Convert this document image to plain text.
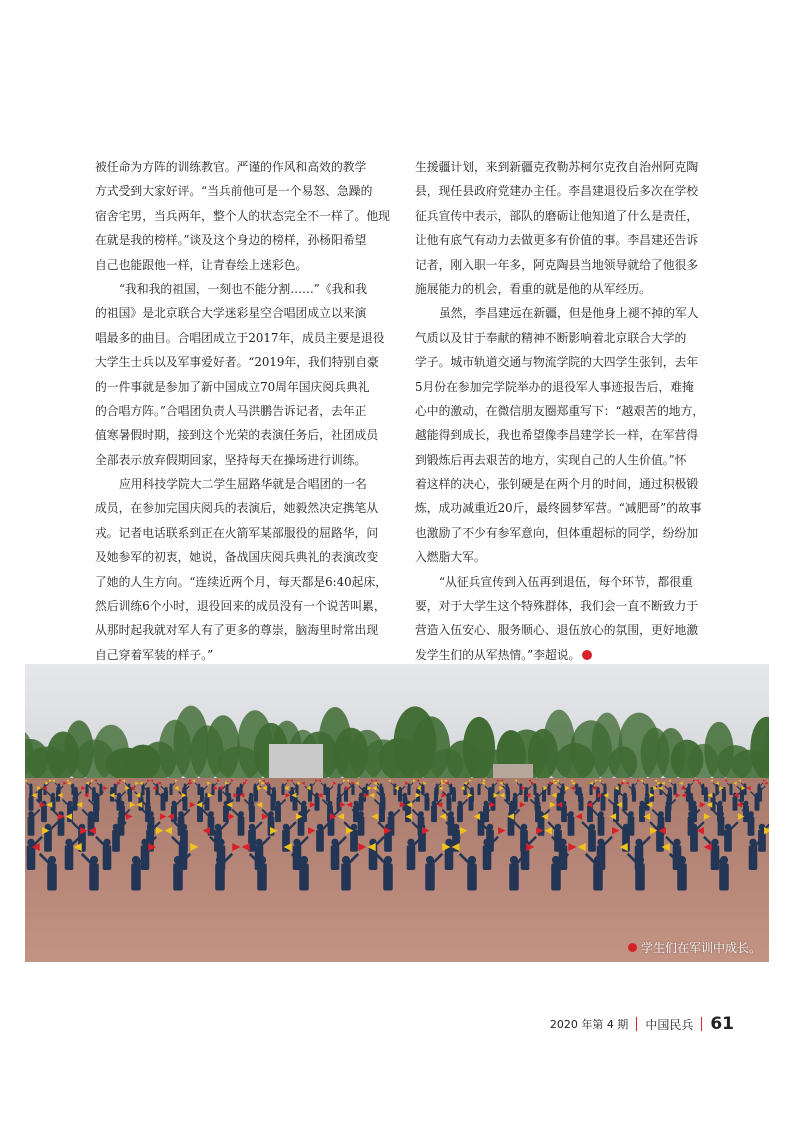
被任命为方阵的训练教官。严谨的作风和高效的教学
方式受到大家好评。“当兵前他可是一个易怒、急躁的
宿舍宅男，当兵两年，整个人的状态完全不一样了。他现
在就是我的榜样。”谈及这个身边的榜样，孙杨阳希望
自己也能跟他一样，让青春绘上迷彩色。
“我和我的祖国，一刻也不能分割……”《我和我
的祖国》是北京联合大学迷彩星空合唱团成立以来演
唱最多的曲目。合唱团成立于2017年，成员主要是退役
大学生士兵以及军事爱好者。“2019年，我们特别自豪
的一件事就是参加了新中国成立70周年国庆阅兵典礼
的合唱方阵。”合唱团负责人马洪鹏告诉记者，去年正
值寒暑假时期，接到这个光荣的表演任务后，社团成员
全部表示放弃假期回家，坚持每天在操场进行训练。
应用科技学院大二学生屈路华就是合唱团的一名
成员，在参加完国庆阅兵的表演后，她毅然决定携笔从
戎。记者电话联系到正在火箭军某部服役的屈路华，问
及她参军的初衷，她说，备战国庆阅兵典礼的表演改变
了她的人生方向。“连续近两个月，每天都是6:40起床，
然后训练6个小时，退役回来的成员没有一个说苦叫累，
从那时起我就对军人有了更多的尊崇，脑海里时常出现
自己穿着军装的样子。”
生援疆计划，来到新疆克孜勒苏柯尔克孜自治州阿克陶
县，现任县政府党建办主任。李昌建退役后多次在学校
征兵宣传中表示，部队的磨砺让他知道了什么是责任，
让他有底气有动力去做更多有价值的事。李昌建还告诉
记者，刚入职一年多，阿克陶县当地领导就给了他很多
施展能力的机会，看重的就是他的从军经历。
虽然，李昌建远在新疆，但是他身上褪不掉的军人
气质以及甘于奉献的精神不断影响着北京联合大学的
学子。城市轨道交通与物流学院的大四学生张钊，去年
5月份在参加完学院举办的退役军人事迹报告后，难掩
心中的激动，在微信朋友圈郑重写下：“越艰苦的地方，
越能得到成长，我也希望像李昌建学长一样，在军营得
到锻炼后再去艰苦的地方，实现自己的人生价值。”怀
着这样的决心，张钊硬是在两个月的时间，通过积极锻
炼，成功减重近20斤，最终圆梦军营。“减肥哥”的故事
也激励了不少有参军意向，但体重超标的同学，纷纷加
入燃脂大军。
“从征兵宣传到入伍再到退伍，每个环节，都很重
要，对于大学生这个特殊群体，我们会一直不断致力于
营造入伍安心、服务顺心、退伍放心的氛围，更好地激
发学生们的从军热情。”李超说。
学生们在军训中成长。
2020 年第 4 期 中国民兵 61
